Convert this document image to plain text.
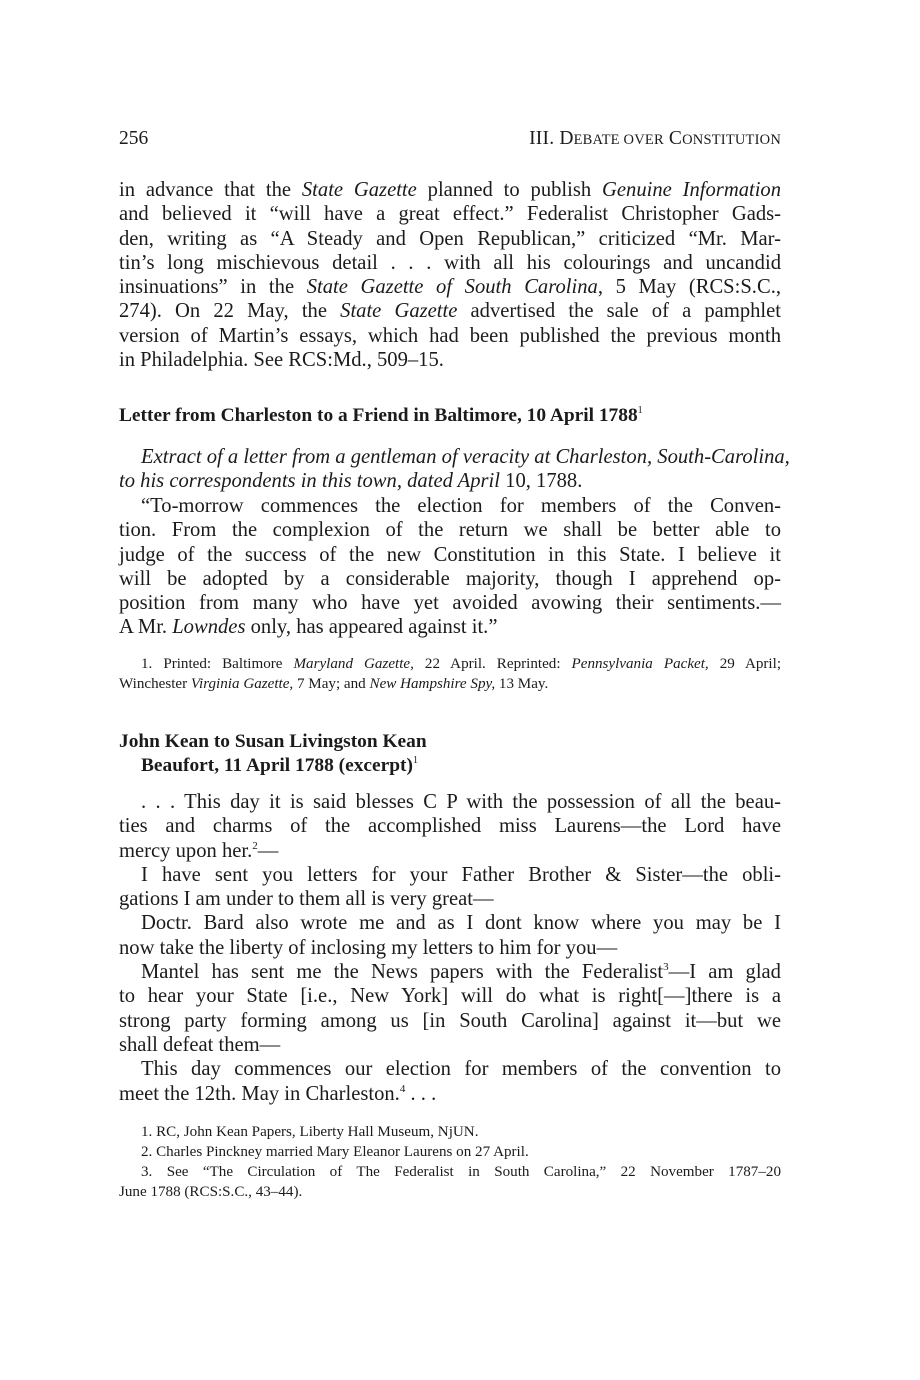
256	III. DEBATE OVER CONSTITUTION
in advance that the State Gazette planned to publish Genuine Information
and believed it “will have a great effect.” Federalist Christopher Gads-
den, writing as “A Steady and Open Republican,” criticized “Mr. Mar-
tin’s long mischievous detail . . . with all his colourings and uncandid
insinuations” in the State Gazette of South Carolina, 5 May (RCS:S.C.,
274). On 22 May, the State Gazette advertised the sale of a pamphlet
version of Martin’s essays, which had been published the previous month
in Philadelphia. See RCS:Md., 509–15.
Letter from Charleston to a Friend in Baltimore, 10 April 1788$^1$
Extract of a letter from a gentleman of veracity at Charleston, South-Carolina,
to his correspondents in this town, dated April 10, 1788.
“To-morrow commences the election for members of the Conven-
tion. From the complexion of the return we shall be better able to
judge of the success of the new Constitution in this State. I believe it
will be adopted by a considerable majority, though I apprehend op-
position from many who have yet avoided avowing their sentiments.—
A Mr. Lowndes only, has appeared against it.”
1. Printed: Baltimore Maryland Gazette, 22 April. Reprinted: Pennsylvania Packet, 29 April;
Winchester Virginia Gazette, 7 May; and New Hampshire Spy, 13 May.
John Kean to Susan Livingston Kean
Beaufort, 11 April 1788 (excerpt)$^1$
. . . This day it is said blesses C P with the possession of all the beau-
ties and charms of the accomplished miss Laurens—the Lord have
mercy upon her.$^2$—
I have sent you letters for your Father Brother & Sister—the obli-
gations I am under to them all is very great—
Doctr. Bard also wrote me and as I dont know where you may be I
now take the liberty of inclosing my letters to him for you—
Mantel has sent me the News papers with the Federalist$^3$—I am glad
to hear your State [i.e., New York] will do what is right[—]there is a
strong party forming among us [in South Carolina] against it—but we
shall defeat them—
This day commences our election for members of the convention to
meet the 12th. May in Charleston.$^4$ . . .
1. RC, John Kean Papers, Liberty Hall Museum, NjUN.
2. Charles Pinckney married Mary Eleanor Laurens on 27 April.
3. See “The Circulation of The Federalist in South Carolina,” 22 November 1787–20
June 1788 (RCS:S.C., 43–44).
